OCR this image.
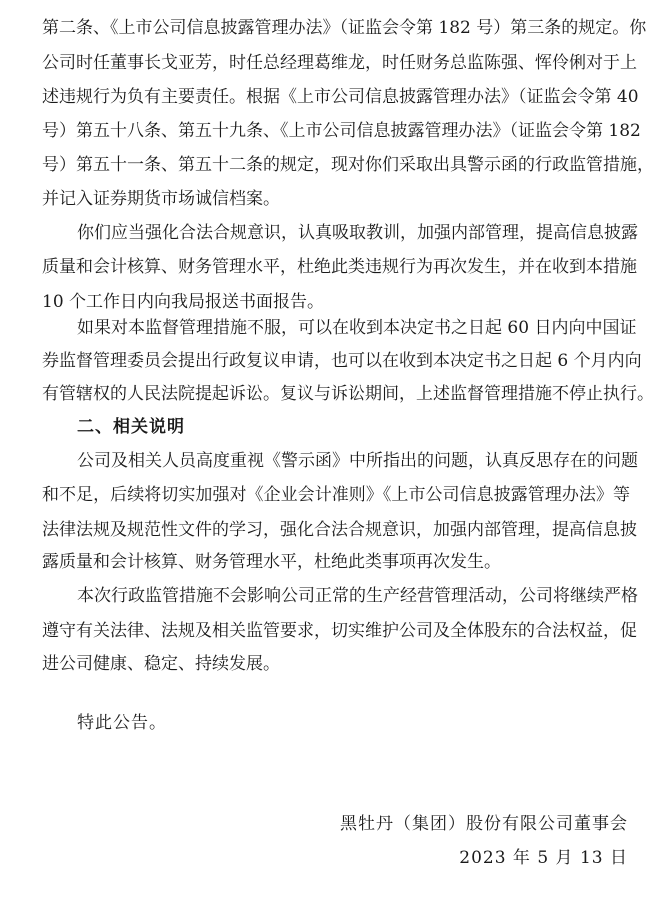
第二条、《上市公司信息披露管理办法》（证监会令第 182 号）第三条的规定。你
公司时任董事长戈亚芳，时任总经理葛维龙，时任财务总监陈强、恽伶俐对于上
述违规行为负有主要责任。根据《上市公司信息披露管理办法》（证监会令第 40
号）第五十八条、第五十九条、《上市公司信息披露管理办法》（证监会令第 182
号）第五十一条、第五十二条的规定，现对你们采取出具警示函的行政监管措施，
并记入证券期货市场诚信档案。
你们应当强化合法合规意识，认真吸取教训，加强内部管理，提高信息披露
质量和会计核算、财务管理水平，杜绝此类违规行为再次发生，并在收到本措施
10 个工作日内向我局报送书面报告。
如果对本监督管理措施不服，可以在收到本决定书之日起 60 日内向中国证
券监督管理委员会提出行政复议申请，也可以在收到本决定书之日起 6 个月内向
有管辖权的人民法院提起诉讼。复议与诉讼期间，上述监督管理措施不停止执行。
二、相关说明
公司及相关人员高度重视《警示函》中所指出的问题，认真反思存在的问题
和不足，后续将切实加强对《企业会计准则》《上市公司信息披露管理办法》等
法律法规及规范性文件的学习，强化合法合规意识，加强内部管理，提高信息披
露质量和会计核算、财务管理水平，杜绝此类事项再次发生。
本次行政监管措施不会影响公司正常的生产经营管理活动，公司将继续严格
遵守有关法律、法规及相关监管要求，切实维护公司及全体股东的合法权益，促
进公司健康、稳定、持续发展。
特此公告。
黑牡丹（集团）股份有限公司董事会
2023 年 5 月 13 日
